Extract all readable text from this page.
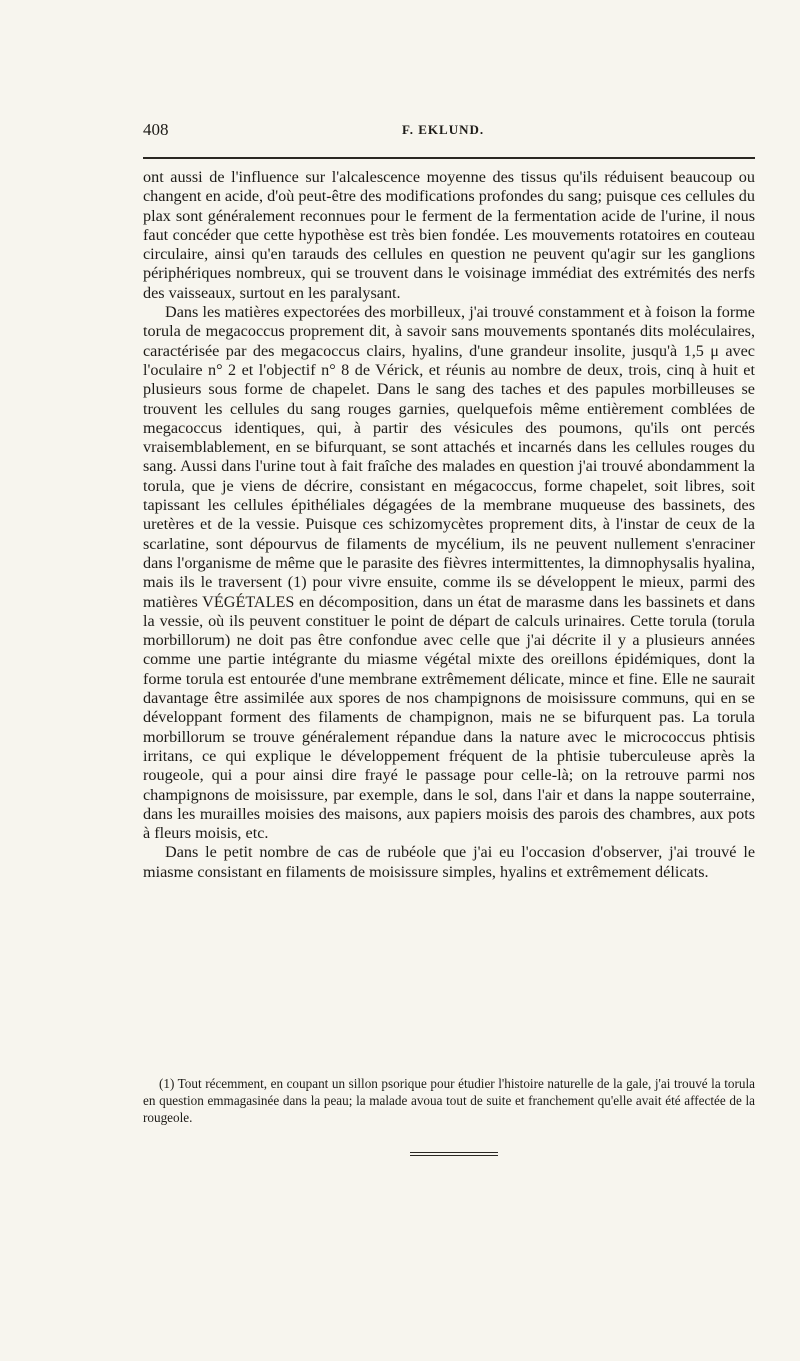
408	F. EKLUND.

ont aussi de l'influence sur l'alcalescence moyenne des tissus qu'ils réduisent beaucoup ou changent en acide, d'où peut-être des modifications profondes du sang; puisque ces cellules du plax sont généralement reconnues pour le ferment de la fermentation acide de l'urine, il nous faut concéder que cette hypothèse est très bien fondée. Les mouvements rotatoires en couteau circulaire, ainsi qu'en tarauds des cellules en question ne peuvent qu'agir sur les ganglions périphériques nombreux, qui se trouvent dans le voisinage immédiat des extrémités des nerfs des vaisseaux, surtout en les paralysant.

Dans les matières expectorées des morbilleux, j'ai trouvé constamment et à foison la forme torula de megacoccus proprement dit, à savoir sans mouvements spontanés dits moléculaires, caractérisée par des megacoccus clairs, hyalins, d'une grandeur insolite, jusqu'à 1,5 μ avec l'oculaire n° 2 et l'objectif n° 8 de Vérick, et réunis au nombre de deux, trois, cinq à huit et plusieurs sous forme de chapelet. Dans le sang des taches et des papules morbilleuses se trouvent les cellules du sang rouges garnies, quelquefois même entièrement comblées de megacoccus identiques, qui, à partir des vésicules des poumons, qu'ils ont percés vraisemblablement, en se bifurquant, se sont attachés et incarnés dans les cellules rouges du sang. Aussi dans l'urine tout à fait fraîche des malades en question j'ai trouvé abondamment la torula, que je viens de décrire, consistant en mégacoccus, forme chapelet, soit libres, soit tapissant les cellules épithéliales dégagées de la membrane muqueuse des bassinets, des uretères et de la vessie. Puisque ces schizomycètes proprement dits, à l'instar de ceux de la scarlatine, sont dépourvus de filaments de mycélium, ils ne peuvent nullement s'enraciner dans l'organisme de même que le parasite des fièvres intermittentes, la dimnophysalis hyalina, mais ils le traversent (1) pour vivre ensuite, comme ils se développent le mieux, parmi des matières VÉGÉTALES en décomposition, dans un état de marasme dans les bassinets et dans la vessie, où ils peuvent constituer le point de départ de calculs urinaires. Cette torula (torula morbillorum) ne doit pas être confondue avec celle que j'ai décrite il y a plusieurs années comme une partie intégrante du miasme végétal mixte des oreillons épidémiques, dont la forme torula est entourée d'une membrane extrêmement délicate, mince et fine. Elle ne saurait davantage être assimilée aux spores de nos champignons de moisissure communs, qui en se développant forment des filaments de champignon, mais ne se bifurquent pas. La torula morbillorum se trouve généralement répandue dans la nature avec le micrococcus phtisis irritans, ce qui explique le développement fréquent de la phtisie tuberculeuse après la rougeole, qui a pour ainsi dire frayé le passage pour celle-là; on la retrouve parmi nos champignons de moisissure, par exemple, dans le sol, dans l'air et dans la nappe souterraine, dans les murailles moisies des maisons, aux papiers moisis des parois des chambres, aux pots à fleurs moisis, etc.

Dans le petit nombre de cas de rubéole que j'ai eu l'occasion d'observer, j'ai trouvé le miasme consistant en filaments de moisissure simples, hyalins et extrêmement délicats.

(1) Tout récemment, en coupant un sillon psorique pour étudier l'histoire naturelle de la gale, j'ai trouvé la torula en question emmagasinée dans la peau; la malade avoua tout de suite et franchement qu'elle avait été affectée de la rougeole.
